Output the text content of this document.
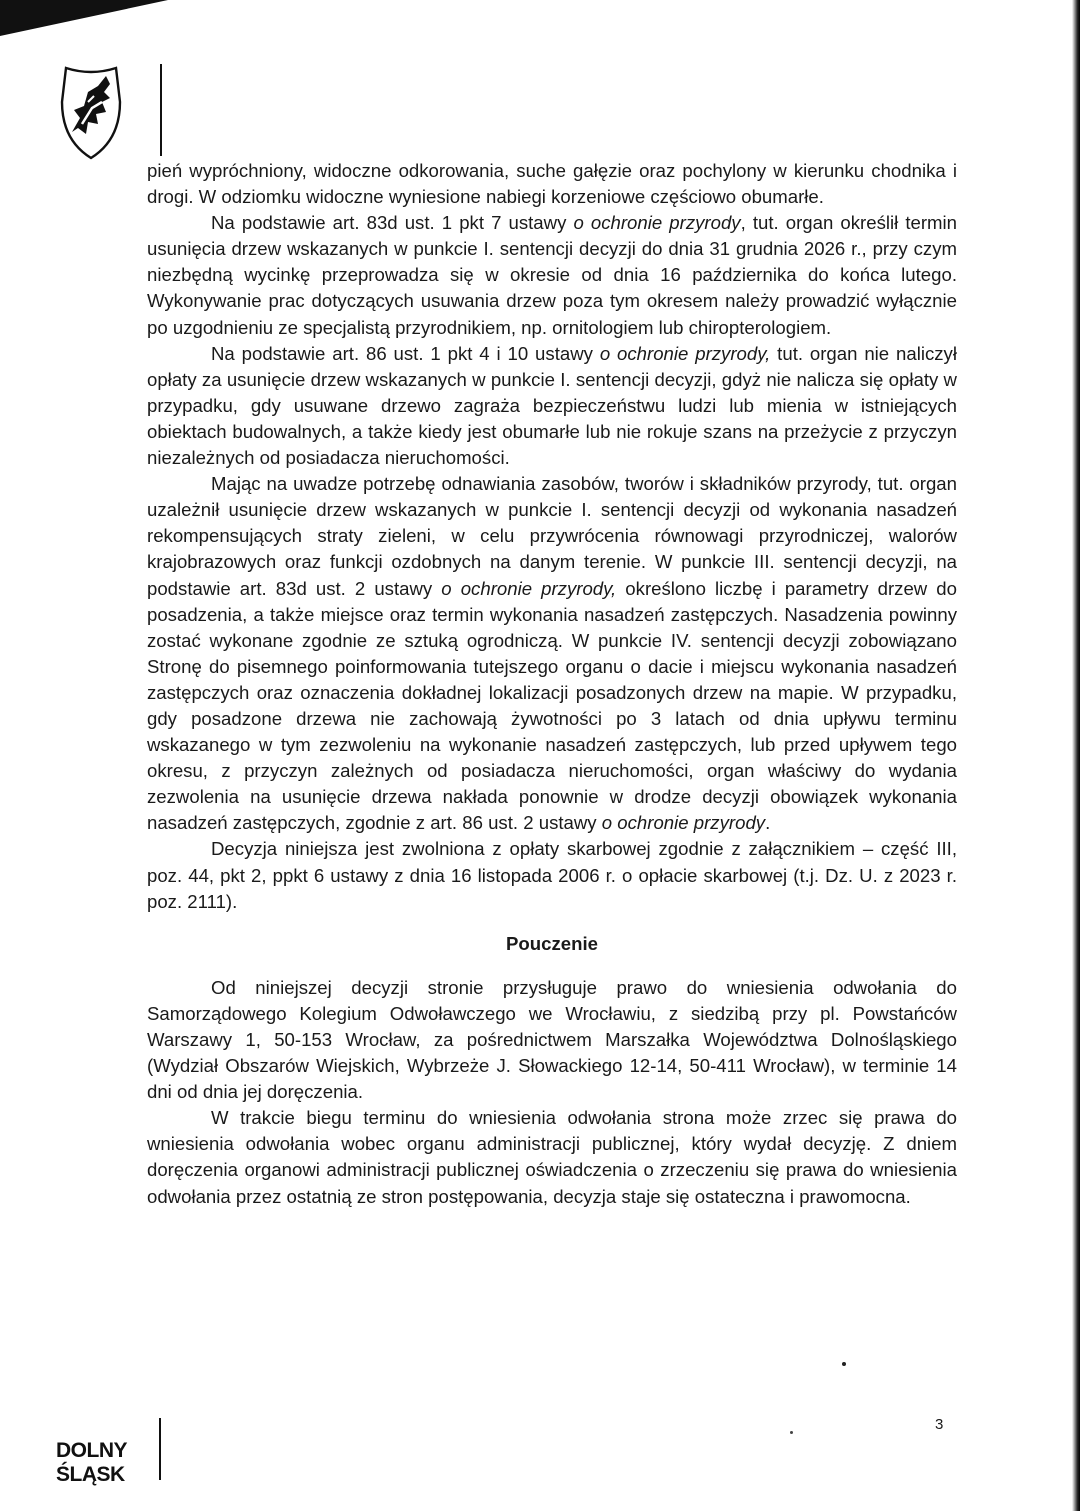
pień wypróchniony, widoczne odkorowania, suche gałęzie oraz pochylony w kierunku chodnika i drogi. W odziomku widoczne wyniesione nabiegi korzeniowe częściowo obumarłe.

Na podstawie art. 83d ust. 1 pkt 7 ustawy o ochronie przyrody, tut. organ określił termin usunięcia drzew wskazanych w punkcie I. sentencji decyzji do dnia 31 grudnia 2026 r., przy czym niezbędną wycinkę przeprowadza się w okresie od dnia 16 października do końca lutego. Wykonywanie prac dotyczących usuwania drzew poza tym okresem należy prowadzić wyłącznie po uzgodnieniu ze specjalistą przyrodnikiem, np. ornitologiem lub chiropterologiem.

Na podstawie art. 86 ust. 1 pkt 4 i 10 ustawy o ochronie przyrody, tut. organ nie naliczył opłaty za usunięcie drzew wskazanych w punkcie I. sentencji decyzji, gdyż nie nalicza się opłaty w przypadku, gdy usuwane drzewo zagraża bezpieczeństwu ludzi lub mienia w istniejących obiektach budowalnych, a także kiedy jest obumarłe lub nie rokuje szans na przeżycie z przyczyn niezależnych od posiadacza nieruchomości.

Mając na uwadze potrzebę odnawiania zasobów, tworów i składników przyrody, tut. organ uzależnił usunięcie drzew wskazanych w punkcie I. sentencji decyzji od wykonania nasadzeń rekompensujących straty zieleni, w celu przywrócenia równowagi przyrodniczej, walorów krajobrazowych oraz funkcji ozdobnych na danym terenie. W punkcie III. sentencji decyzji, na podstawie art. 83d ust. 2 ustawy o ochronie przyrody, określono liczbę i parametry drzew do posadzenia, a także miejsce oraz termin wykonania nasadzeń zastępczych. Nasadzenia powinny zostać wykonane zgodnie ze sztuką ogrodniczą. W punkcie IV. sentencji decyzji zobowiązano Stronę do pisemnego poinformowania tutejszego organu o dacie i miejscu wykonania nasadzeń zastępczych oraz oznaczenia dokładnej lokalizacji posadzonych drzew na mapie. W przypadku, gdy posadzone drzewa nie zachowają żywotności po 3 latach od dnia upływu terminu wskazanego w tym zezwoleniu na wykonanie nasadzeń zastępczych, lub przed upływem tego okresu, z przyczyn zależnych od posiadacza nieruchomości, organ właściwy do wydania zezwolenia na usunięcie drzewa nakłada ponownie w drodze decyzji obowiązek wykonania nasadzeń zastępczych, zgodnie z art. 86 ust. 2 ustawy o ochronie przyrody.

Decyzja niniejsza jest zwolniona z opłaty skarbowej zgodnie z załącznikiem – część III, poz. 44, pkt 2, ppkt 6 ustawy z dnia 16 listopada 2006 r. o opłacie skarbowej (t.j. Dz. U. z 2023 r. poz. 2111).

Pouczenie

Od niniejszej decyzji stronie przysługuje prawo do wniesienia odwołania do Samorządowego Kolegium Odwoławczego we Wrocławiu, z siedzibą przy pl. Powstańców Warszawy 1, 50-153 Wrocław, za pośrednictwem Marszałka Województwa Dolnośląskiego (Wydział Obszarów Wiejskich, Wybrzeże J. Słowackiego 12-14, 50-411 Wrocław), w terminie 14 dni od dnia jej doręczenia.

W trakcie biegu terminu do wniesienia odwołania strona może zrzec się prawa do wniesienia odwołania wobec organu administracji publicznej, który wydał decyzję. Z dniem doręczenia organowi administracji publicznej oświadczenia o zrzeczeniu się prawa do wniesienia odwołania przez ostatnią ze stron postępowania, decyzja staje się ostateczna i prawomocna.

3
DOLNY
ŚLĄSK
